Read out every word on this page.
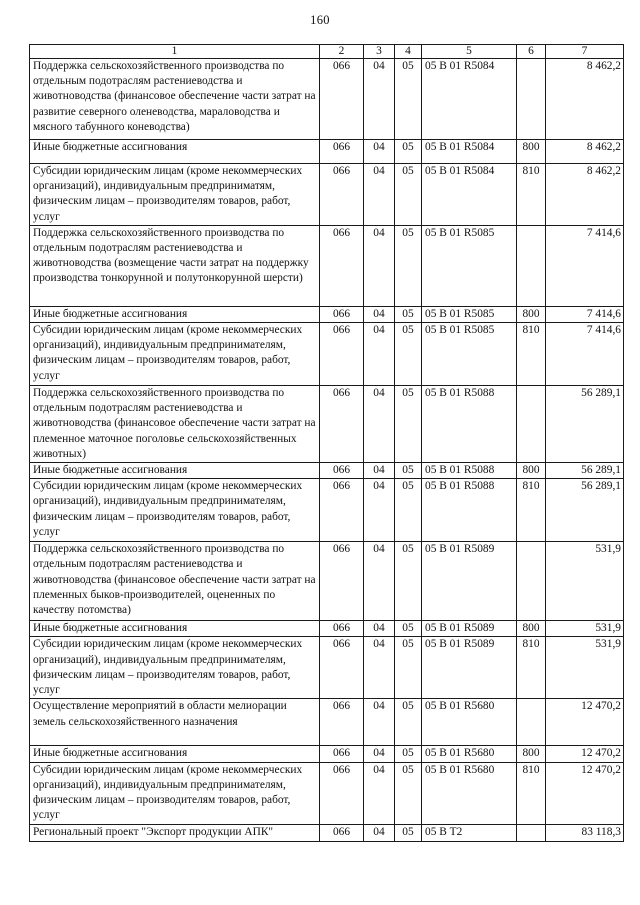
160
1	2	3	4	5	6	7
Поддержка сельскохозяйственного производства по отдельным подотраслям растениеводства и животноводства (финансовое обеспечение части затрат на развитие северного оленеводства, мараловодства и мясного табунного коневодства)	066	04	05	05 В 01 R5084		8 462,2
Иные бюджетные ассигнования	066	04	05	05 В 01 R5084	800	8 462,2
Субсидии юридическим лицам (кроме некоммерческих организаций), индивидуальным предприниматям, физическим лицам – производителям товаров, работ, услуг	066	04	05	05 В 01 R5084	810	8 462,2
Поддержка сельскохозяйственного производства по отдельным подотраслям растениеводства и животноводства (возмещение части затрат на поддержку производства тонкорунной и полутонкорунной шерсти)	066	04	05	05 В 01 R5085		7 414,6
Иные бюджетные ассигнования	066	04	05	05 В 01 R5085	800	7 414,6
Субсидии юридическим лицам (кроме некоммерческих организаций), индивидуальным предпринимателям, физическим лицам – производителям товаров, работ, услуг	066	04	05	05 В 01 R5085	810	7 414,6
Поддержка сельскохозяйственного производства по отдельным подотраслям растениеводства и животноводства (финансовое обеспечение части затрат на племенное маточное поголовье сельскохозяйственных животных)	066	04	05	05 В 01 R5088		56 289,1
Иные бюджетные ассигнования	066	04	05	05 В 01 R5088	800	56 289,1
Субсидии юридическим лицам (кроме некоммерческих организаций), индивидуальным предпринимателям, физическим лицам – производителям товаров, работ, услуг	066	04	05	05 В 01 R5088	810	56 289,1
Поддержка сельскохозяйственного производства по отдельным подотраслям растениеводства и животноводства (финансовое обеспечение части затрат на племенных быков-производителей, оцененных по качеству потомства)	066	04	05	05 В 01 R5089		531,9
Иные бюджетные ассигнования	066	04	05	05 В 01 R5089	800	531,9
Субсидии юридическим лицам (кроме некоммерческих организаций), индивидуальным предпринимателям, физическим лицам – производителям товаров, работ, услуг	066	04	05	05 В 01 R5089	810	531,9
Осуществление мероприятий в области мелиорации земель сельскохозяйственного назначения	066	04	05	05 В 01 R5680		12 470,2
Иные бюджетные ассигнования	066	04	05	05 В 01 R5680	800	12 470,2
Субсидии юридическим лицам (кроме некоммерческих организаций), индивидуальным предпринимателям, физическим лицам – производителям товаров, работ, услуг	066	04	05	05 В 01 R5680	810	12 470,2
Региональный проект "Экспорт продукции АПК"	066	04	05	05 В Т2		83 118,3
